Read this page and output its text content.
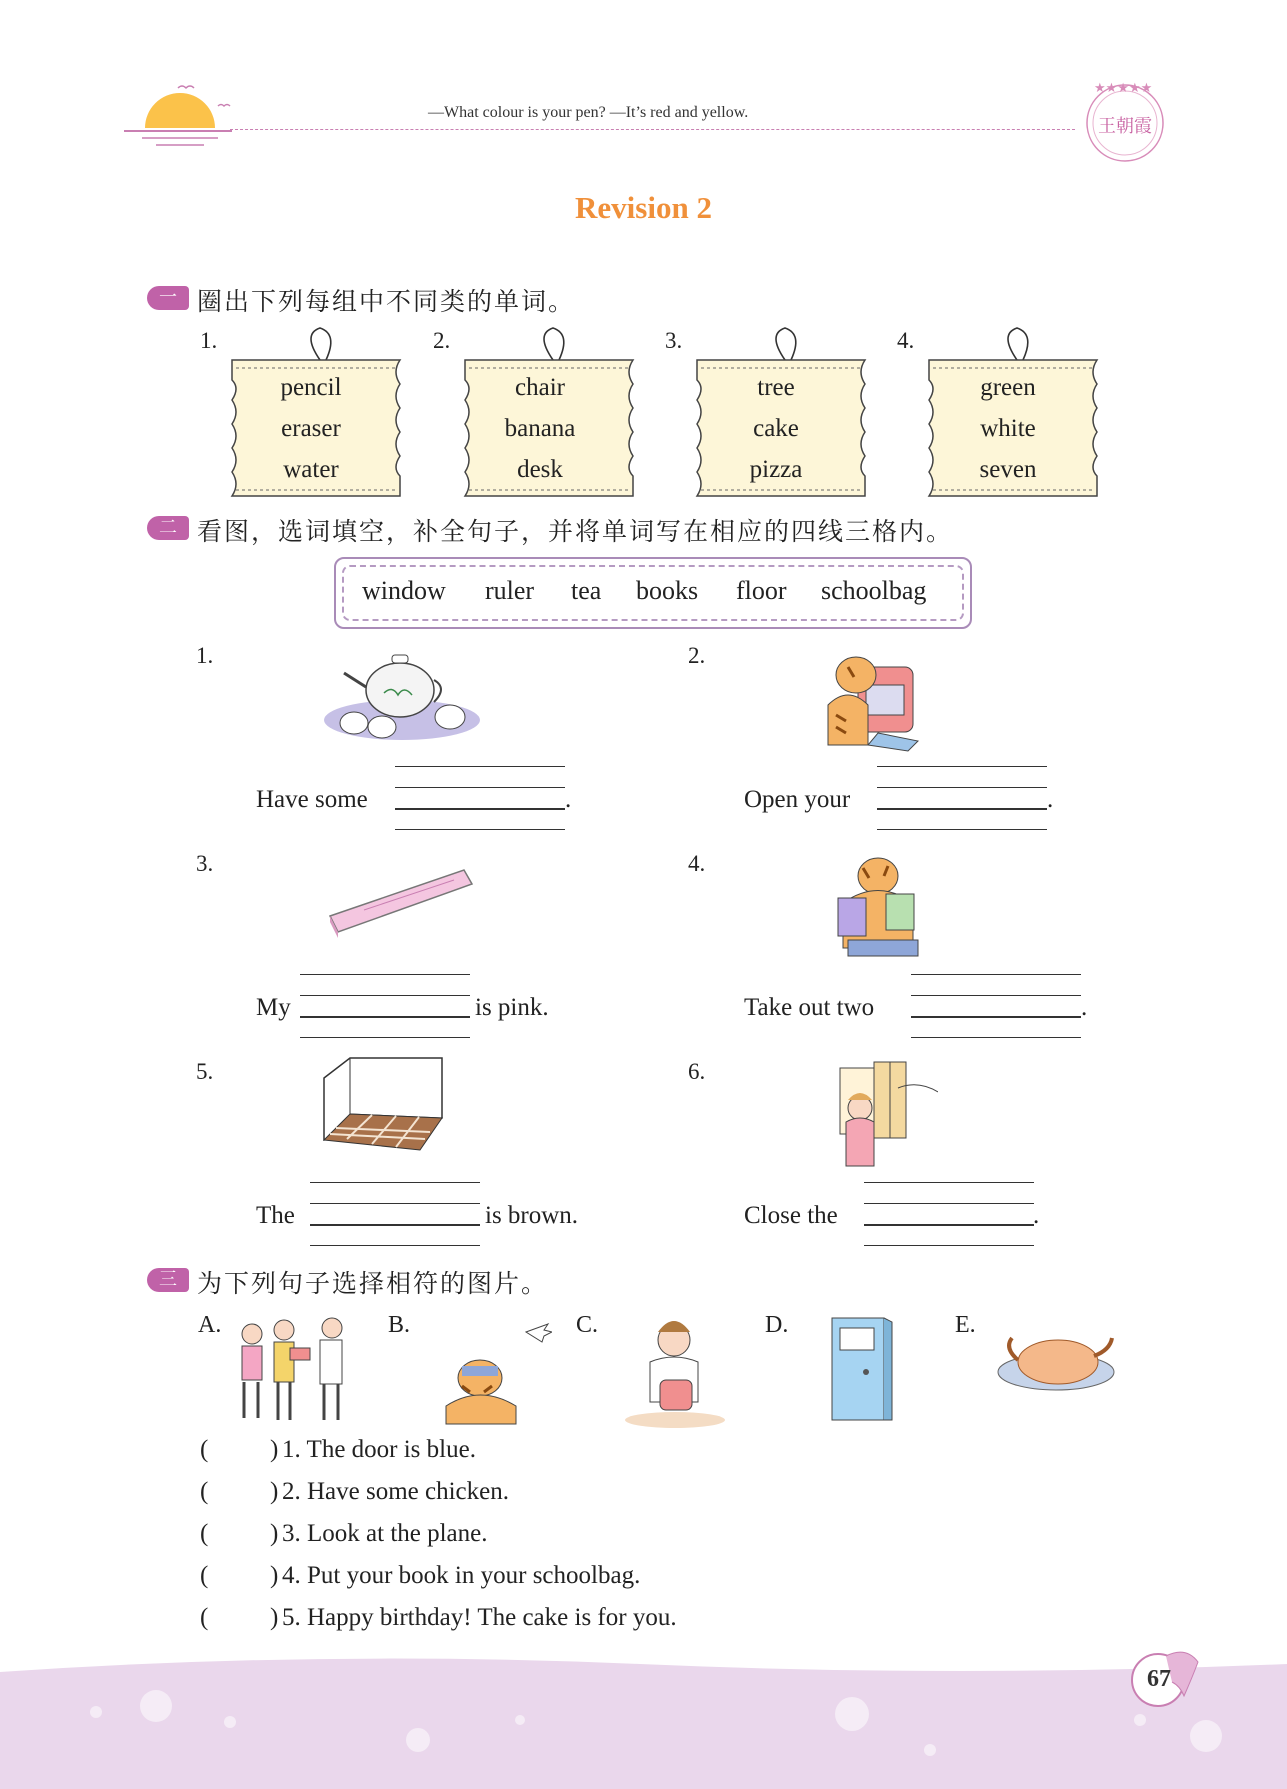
—What colour is your pen? —It’s red and yellow.
★★★★★
王朝霞
Revision 2
一 圈出下列每组中不同类的单词。
1.
pencil
eraser
water
2.
chair
banana
desk
3.
tree
cake
pizza
4.
green
white
seven
二 看图，选词填空，补全句子，并将单词写在相应的四线三格内。
window ruler tea books floor schoolbag
1.	2.
3.	4.
5.	6.
Have some	.	Open your	.
My	is pink.	Take out two	.
The	is brown.	Close the	.
三 为下列句子选择相符的图片。
A.	B.	C.	D.	E.
( ) 1. The door is blue.
( ) 2. Have some chicken.
( ) 3. Look at the plane.
( ) 4. Put your book in your schoolbag.
( ) 5. Happy birthday! The cake is for you.
67
